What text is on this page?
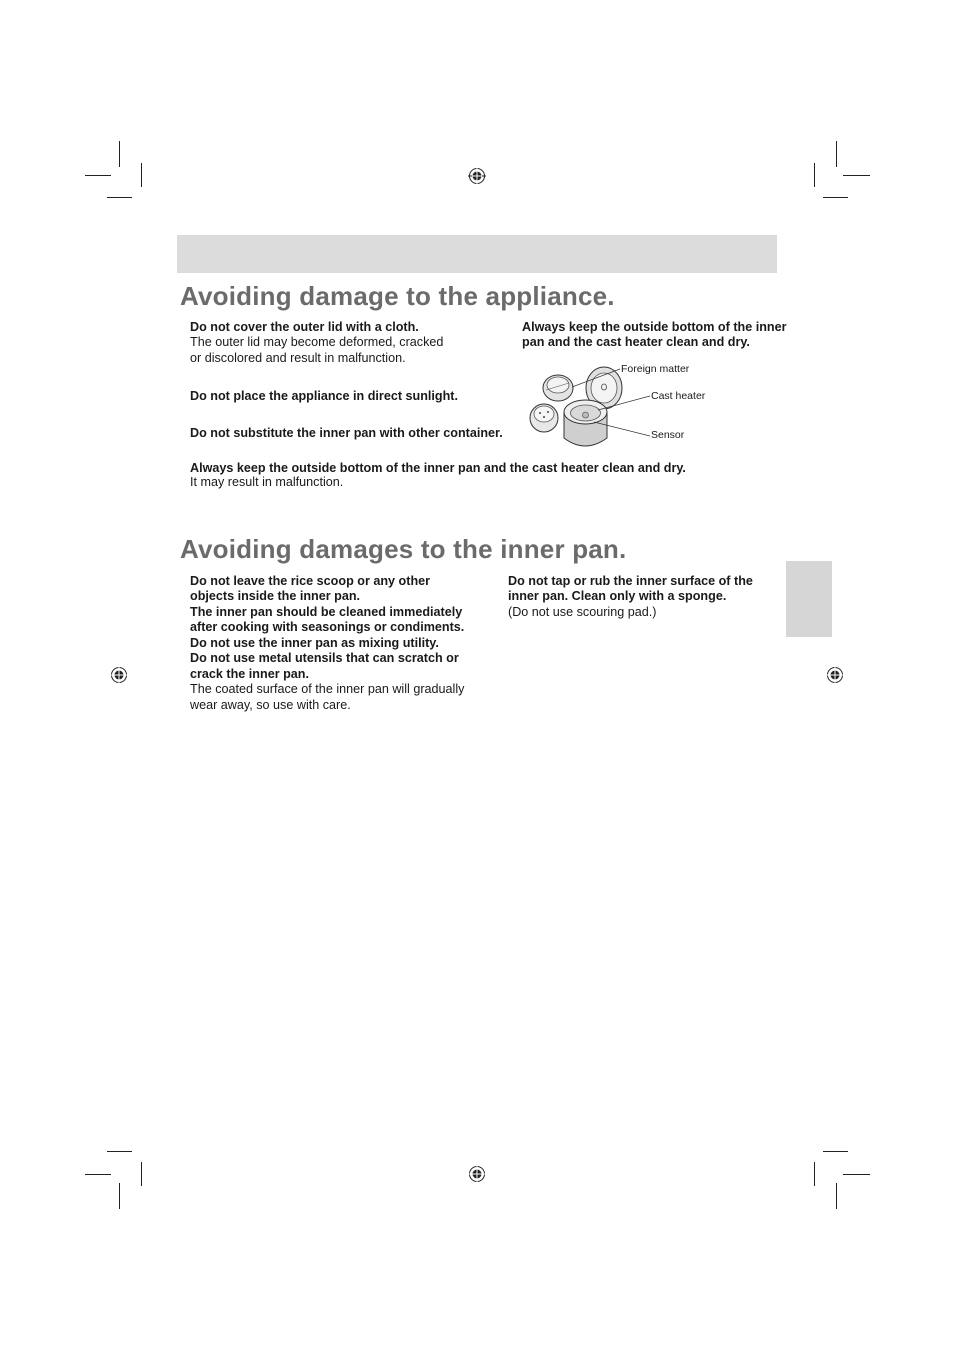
Avoiding damage to the appliance.
Do not cover the outer lid with a cloth.
The outer lid may become deformed, cracked
or discolored and result in malfunction.
Do not place the appliance in direct sunlight.
Do not substitute the inner pan with other container.
Always keep the outside bottom of the inner pan and the cast heater clean and dry.
It may result in malfunction.
Always keep the outside bottom of the inner
pan and the cast heater clean and dry.
Foreign matter
Cast heater
Sensor
Avoiding damages to the inner pan.
Do not leave the rice scoop or any other
objects inside the inner pan.
The inner pan should be cleaned immediately
after cooking with seasonings or condiments.
Do not use the inner pan as mixing utility.
Do not use metal utensils that can scratch or
crack the inner pan.
The coated surface of the inner pan will gradually
wear away, so use with care.
Do not tap or rub the inner surface of the
inner pan. Clean only with a sponge.
(Do not use scouring pad.)
